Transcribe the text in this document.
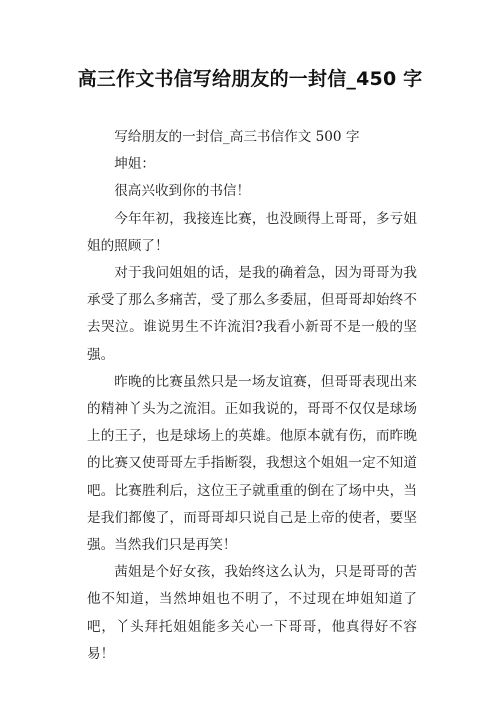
高三作文书信写给朋友的一封信_450 字

写给朋友的一封信_高三书信作文 500 字

坤姐：

很高兴收到你的书信！

今年年初，我接连比赛，也没顾得上哥哥，多亏姐姐的照顾了！

对于我问姐姐的话，是我的确着急，因为哥哥为我承受了那么多痛苦，受了那么多委屈，但哥哥却始终不去哭泣。谁说男生不许流泪?我看小新哥不是一般的坚强。

昨晚的比赛虽然只是一场友谊赛，但哥哥表现出来的精神丫头为之流泪。正如我说的，哥哥不仅仅是球场上的王子，也是球场上的英雄。他原本就有伤，而昨晚的比赛又使哥哥左手指断裂，我想这个姐姐一定不知道吧。比赛胜利后，这位王子就重重的倒在了场中央，当是我们都傻了，而哥哥却只说自己是上帝的使者，要坚强。当然我们只是再笑！

茜姐是个好女孩，我始终这么认为，只是哥哥的苦他不知道，当然坤姐也不明了，不过现在坤姐知道了吧，丫头拜托姐姐能多关心一下哥哥，他真得好不容易！
